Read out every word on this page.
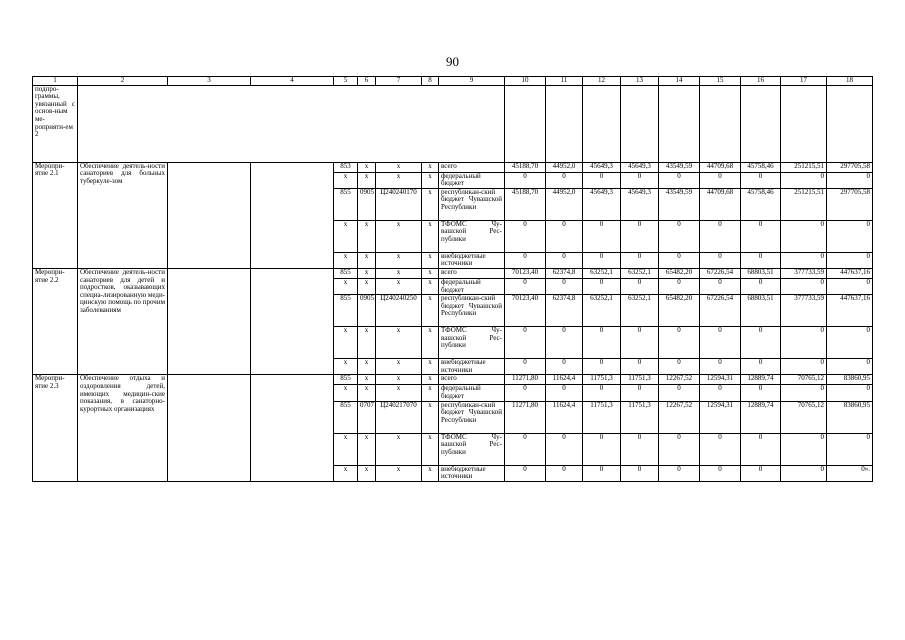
90
1	2	3	4	5	6	7	8	9	10	11	12	13	14	15	16	17	18
подпро-граммы, увязанный с основ-ным ме-роприяти-ем 2																	
Меропри-ятие 2.1	Обеспечение деятель-ности санаториев для больных туберкуле-зом			853	x	x	x	всего	45188,70	44952,0	45649,3	45649,3	43549,59	44709,68	45758,46	251215,51	297705,58
				x	x	x	x	федеральный бюджет	0	0	0	0	0	0	0	0	0
				855	0905	Ц240240170	x	республикан-ский бюджет Чувашской Республики	45188,70	44952,0	45649,3	45649,3	43549,59	44709,68	45758,46	251215,51	297705,58
				x	x	x	x	ТФОМС Чу-вашской Рес-публики	0	0	0	0	0	0	0	0	0
				x	x	x	x	внебюджетные источники	0	0	0	0	0	0	0	0	0
Меропри-ятие 2.2	Обеспечение деятель-ности санаториев для детей и подростков, оказывающих специа-лизированную меди-цинскую помощь по прочим заболеваниям			855	x	x	x	всего	70123,40	62374,8	63252,1	63252,1	65482,20	67226,54	68803,51	377733,59	447637,16
				x	x	x	x	федеральный бюджет	0	0	0	0	0	0	0	0	0
				855	0905	Ц240240250	x	республикан-ский бюджет Чувашской Республики	70123,40	62374,8	63252,1	63252,1	65482,20	67226,54	68803,51	377733,59	447637,16
				x	x	x	x	ТФОМС Чу-вашской Рес-публики	0	0	0	0	0	0	0	0	0
				x	x	x	x	внебюджетные источники	0	0	0	0	0	0	0	0	0
Меропри-ятие 2.3	Обеспечение отдыха и оздоровления детей, имеющих медицин-ские показания, в санаторно-курортных организациях			855	x	x	x	всего	11271,80	11624,4	11751,3	11751,3	12267,52	12594,31	12889,74	70765,12	83860,95
				x	x	x	x	федеральный бюджет	0	0	0	0	0	0	0	0	0
				855	0707	Ц240217070	x	республикан-ский бюджет Чувашской Республики	11271,80	11624,4	11751,3	11751,3	12267,52	12594,31	12889,74	70765,12	83860,95
				x	x	x	x	ТФОМС Чу-вашской Рес-публики	0	0	0	0	0	0	0	0	0
				x	x	x	x	внебюджетные источники	0	0	0	0	0	0	0	0	0».
